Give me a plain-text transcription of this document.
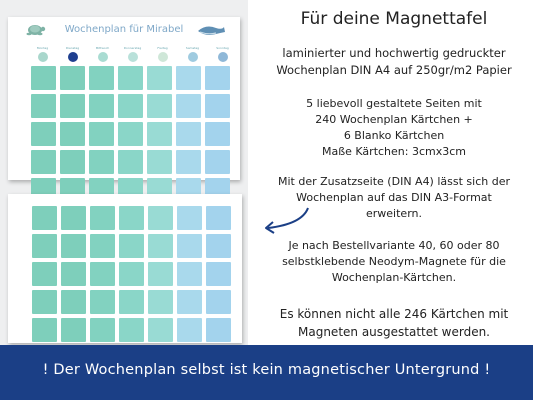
Wochenplan für Mirabel
Montag	Dienstag	Mittwoch	Donnerstag	Freitag	Samstag	Sonntag
Für deine Magnettafel
laminierter und hochwertig gedruckter
Wochenplan DIN A4 auf 250gr/m2 Papier
5 liebevoll gestaltete Seiten mit
240 Wochenplan Kärtchen +
6 Blanko Kärtchen
Maße Kärtchen: 3cmx3cm
Mit der Zusatzseite (DIN A4) lässt sich der
Wochenplan auf das DIN A3-Format
erweitern.
Je nach Bestellvariante 40, 60 oder 80
selbstklebende Neodym-Magnete für die
Wochenplan-Kärtchen.
Es können nicht alle 246 Kärtchen mit
Magneten ausgestattet werden.
! Der Wochenplan selbst ist kein magnetischer Untergrund !
